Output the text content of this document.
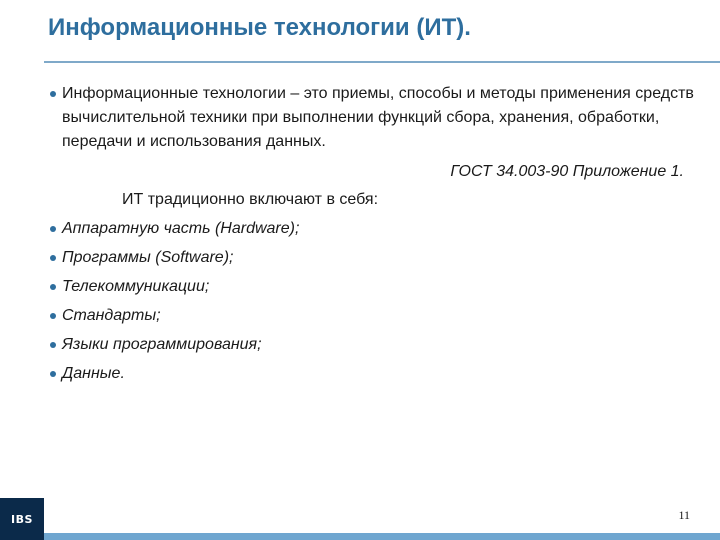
Информационные технологии (ИТ).
Информационные технологии – это приемы, способы и методы применения средств вычислительной техники при выполнении функций сбора, хранения, обработки, передачи и использования данных.
ГОСТ 34.003-90 Приложение 1.
ИТ традиционно включают в себя:
Аппаратную часть (Hardware);
Программы (Software);
Телекоммуникации;
Стандарты;
Языки программирования;
Данные.
IBS	11
